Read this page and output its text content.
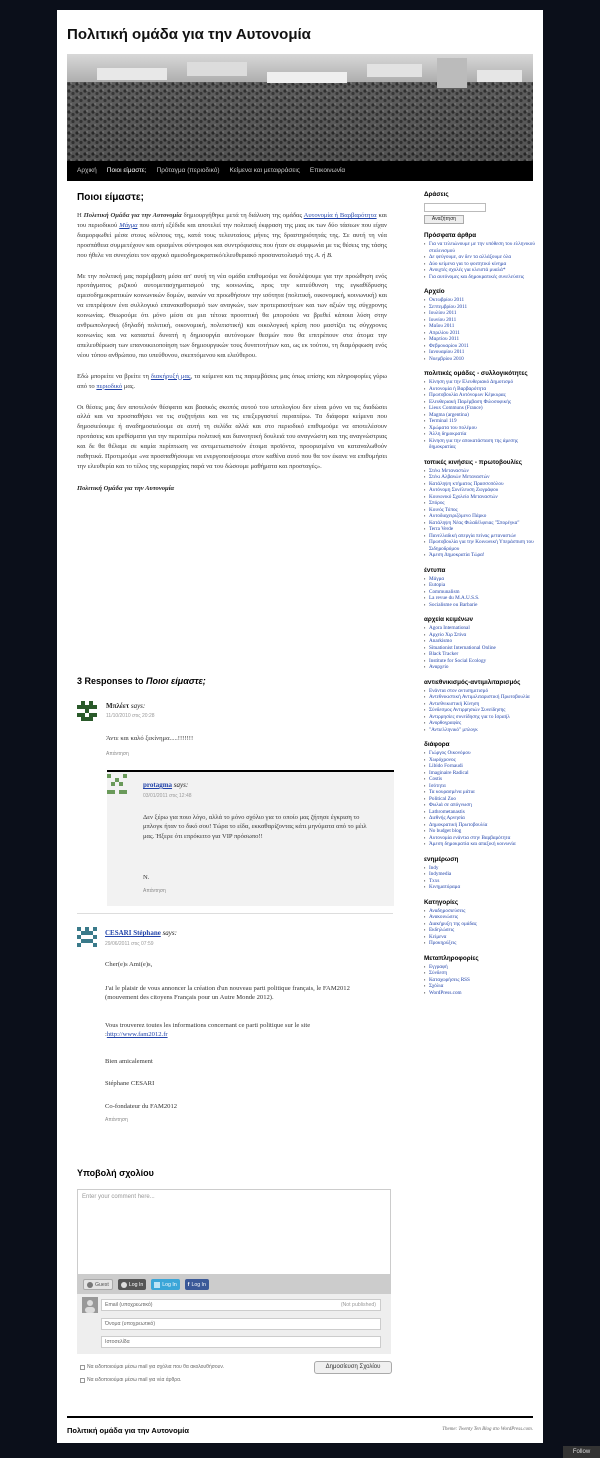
Πολιτική ομάδα για την Αυτονομία
Αρχική Ποιοι είμαστε; Πρόταγμα (περιοδικό) Κείμενα και μεταφράσεις Επικοινωνία
Δράσεις
Αναζήτηση
Πρόσφατα άρθρα
▪ Για να τελειώνουμε με την υπόθεση του ελληνικού σταλινισμού
▪ Δε φεύγουμε, αν δεν τα αλλάξουμε όλα
▪ Δύο κείμενα για το φοιτητικό κίνημα
▪ Ανοιχτές σχολές για κλειστά μυαλά*
▪ Για αυτόνομες και δημοκρατικές συνελεύσεις
Αρχείο
▪ Οκτωβρίου 2011
▪ Σεπτεμβρίου 2011
▪ Ιουλίου 2011
▪ Ιουνίου 2011
▪ Μαΐου 2011
▪ Απριλίου 2011
▪ Μαρτίου 2011
▪ Φεβρουαρίου 2011
▪ Ιανουαρίου 2011
▪ Νοεμβρίου 2010
πολιτικές ομάδες - συλλογικότητες
▪ Κίνηση για την Ελευθεριακό Δημοτισμό
▪ Αυτονομία ή Βαρβαρότητα
▪ Πρωτοβουλία Αυτόνομων Κέρκυρας
▪ Ελευθεριακή Παρέμβαση Φιλοσοφικής
▪ Lieux Communs (France)
▪ Magma (argentina)
▪ Terminal 119
▪ Χρώματα του πολέμου
▪ Άλλη δημοκρατία
▪ Κίνηση για την αποκατάσταση της άμεσης δημοκρατίας
τοπικές κινήσεις - πρωτοβουλίες
▪ Στέκι Μεταναστών
▪ Στέκι Αλβανών Μεταναστών
▪ Κατάληψη κτήματος Πρασσοπόλου
▪ Αυτόνομη Συνέλευση Ζωγράφου
▪ Κοινωνικό Σχολείο Μεταναστών
▪ Σπόρος
▪ Κοινός Τόπος
▪ Αυτοδιαχειριζόμενο Πάρκο
▪ Κατάληψη Νέας Φιλαδέλφειας "Σπορέγκα"
▪ Terra Verde
▪ Πανελλαδική απεργία πείνας μεταναστών
▪ Πρωτοβουλία για την Κοινωνική Υπεράσπιση του Σιδηροδρόμου
▪ Άμεση Δημοκρατία Τώρα!
έντυπα
▪ Μάγμα
▪ Eutopia
▪ Communalism
▪ La revue du M.A.U.S.S.
▪ Socialisme ou Barbarie
αρχεία κειμένων
▪ Agora International
▪ Αρχείο Χιρ Σπίνα
▪ Anarkismo
▪ Situationist International Online
▪ Black Tracker
▪ Institute for Social Ecology
▪ Αναρχείο
αντιεθνικισμός-αντιμιλιταρισμός
▪ Ενάντια στον αντισημιτισμό
▪ Αντεθνικιστική Αντιμιλιταριστική Πρωτοβουλία
▪ Αντιεθνικιστική Κίνηση
▪ Σύνδεσμος Αντιρρησιών Συνείδησης
▪ Αντιρρησίες συνείδησης για το Ισραήλ
▪ Ανορθογραφίες
▪ "Αντιελληνικό" μπλογκ
διάφορα
▪ Γιώργος Οικονόμου
▪ Χωρόχρονος
▪ Libido Fornaudi
▪ Imaginaire Radical
▪ Costis
▪ Ισότητα
▪ Τα κουρασμένα μάτια
▪ Political Zoo
▪ Φωλιά σε απόγνωση
▪ Lathrometanastis
▪ Διεθνής Αρνησία
▪ Δημοκρατική Πρωτοβουλία
▪ No budget blog
▪ Αυτονομία ενάντια στην Βαρβαρότητα
▪ Άμεση δημοκρατία και απαξική κοινωνία
ενημέρωση
▪ Indy
▪ Indymedia
▪ Txxs
▪ Κινηματόραμα
Κατηγορίες
▪ Αναδημοσιεύσεις
▪ Ανακοινώσεις
▪ Διακήρυξη της ομάδας
▪ Εκδηλώσεις
▪ Κείμενα
▪ Προκηρύξεις
Μεταπληροφορίες
▪ Εγγραφή
▪ Σύνδεση
▪ Καταχωρήσεις RSS
▪ Σχόλια
▪ WordPress.com
Ποιοι είμαστε;

Η Πολιτική Ομάδα για την Αυτονομία δημιουργήθηκε μετά τη διάλυση της ομάδας Αυτονομία ή Βαρβαρότητα και του περιοδικού Μάγμα που αυτή εξέδιδε και αποτελεί την πολιτική έκφραση της μιας εκ των δύο τάσεων που είχαν διαμορφωθεί μέσα στους κόλπους της, κατά τους τελευταίους μήνες της δραστηριότητάς της. Σε αυτή τη νέα προσπάθεια συμμετέχουν και ορισμένοι σύντροφοι και συντρόφισσες που ήταν σε συμφωνία με τις θέσεις της τάσης που ήθελε να συνεχίσει τον αρχικό αμεσοδημοκρατικό/ελευθεριακό προσανατολισμό της Α. ή Β.

Με την πολιτική μας παρέμβαση μέσα απ' αυτή τη νέα ομάδα επιθυμούμε να δουλέψουμε για την προώθηση ενός προτάγματος ριζικού αυτομετασχηματισμού της κοινωνίας, προς την κατεύθυνση της εγκαθίδρυσης αμεσοδημοκρατικών κοινωνικών δομών, ικανών να προωθήσουν την ισότητα (πολιτική, οικονομική, κοινωνική) και να επιτρέψουν ένα συλλογικό επανακαθορισμό των αναγκών, των προτεραιοτήτων και των αξιών της σύγχρονης κοινωνίας. Θεωρούμε ότι μόνο μέσα σε μια τέτοια προοπτική θα μπορούσε να βρεθεί κάποια λύση στην ανθρωπολογική (δηλαδή πολιτική, οικονομική, πολιτιστική) και οικολογική κρίση που μαστίζει τις σύγχρονες κοινωνίες και να καταστεί δυνατή η δημιουργία αυτόνομων θεσμών που θα επιτρέπουν στα άτομα την απελευθέρωση των επανοικειοποίηση των δημιουργικών τους δυνατοτήτων και, ως εκ τούτου, τη διαμόρφωση ενός νέου τύπου ανθρώπου, πιο υπεύθυνου, σκεπτόμενου και ελεύθερου.

Εδώ μπορείτε να βρείτε τη διακήρυξή μας, τα κείμενα και τις παρεμβάσεις μας όπως επίσης και πληροφορίες γύρω από το περιοδικό μας.

Οι θέσεις μας δεν αποτελούν θέσφατα και βασικός σκοπός αυτού του ιστολογίου δεν είναι μόνο να τις διαδώσει αλλά και να προσπαθήσει να τις συζητήσει και να τις επεξεργαστεί περαιτέρω. Τα διάφορα κείμενα που δημοσιεύουμε ή αναδημοσιεύουμε σε αυτή τη σελίδα αλλά και στο περιοδικό επιθυμούμε να αποτελέσουν προτάσεις και ερεθίσματα για την περαιτέρω πολιτική και διανοητική δουλειά του αναγνώστη και της αναγνώστριας και δε θα θέλαμε σε καμία περίπτωση να αντιμετωπιστούν έτοιμα προϊόντα, προορισμένα να καταναλωθούν παθητικά. Προτιμούμε «να προσπαθήσουμε να ενεργοποιήσουμε στον καθένα αυτό που θα τον έκανε να επιθυμήσει την ελευθερία και το τέλος της κυριαρχίας παρά να του δώσουμε μαθήματα και προσταγές».

Πολιτική Ομάδα για την Αυτονομία
3 Responses to Ποιοι είμαστε;
Μπλέετ says:
11/10/2010 στις 20:28
Άντε και καλό ξεκίνημα.....!!!!!!!
Απάντηση
protagma says:
03/01/2011 στις 12:48
Δεν ξέρω για ποιο λόγο, αλλά το μόνο σχόλιο για το οποίο μας ζήτησε έγκριση το μπλογκ ήταν το δικό σου! Τώρα το είδα, εκκαθαρίζοντας κάτι μηνύματα από το μέιλ μας. Ήξερε ότι επρόκειτο για VIP πρόσωπο!!
Ν.
Απάντηση
CESARI Stéphane says:
29/06/2011 στις 07:59
Cher(e)s Ami(e)s,
J'ai le plaisir de vous annoncer la création d'un nouveau parti politique français, le FAM2012 (mouvement des citoyens Français pour un Autre Monde 2012).
Vous trouverez toutes les informations concernant ce parti politique sur le site :http://www.fam2012.fr
Bien amicalement
Stéphane CESARI
Co-fondateur du FAM2012
Απάντηση
Υποβολή σχολίου
Enter your comment here...
Guest	Log In	Log In f Log In
Email (υποχρεωτικό)	(Not published)
Όνομα (υποχρεωτικό)
Ιστοσελίδα
Να ειδοποιούμαι μέσω mail για σχόλια που θα ακολουθήσουν.
Να ειδοποιούμαι μέσω mail για νέα άρθρα.
Δημοσίευση Σχολίου
Πολιτική ομάδα για την Αυτονομία	Theme: Twenty Ten Blog στο WordPress.com.
Follow
